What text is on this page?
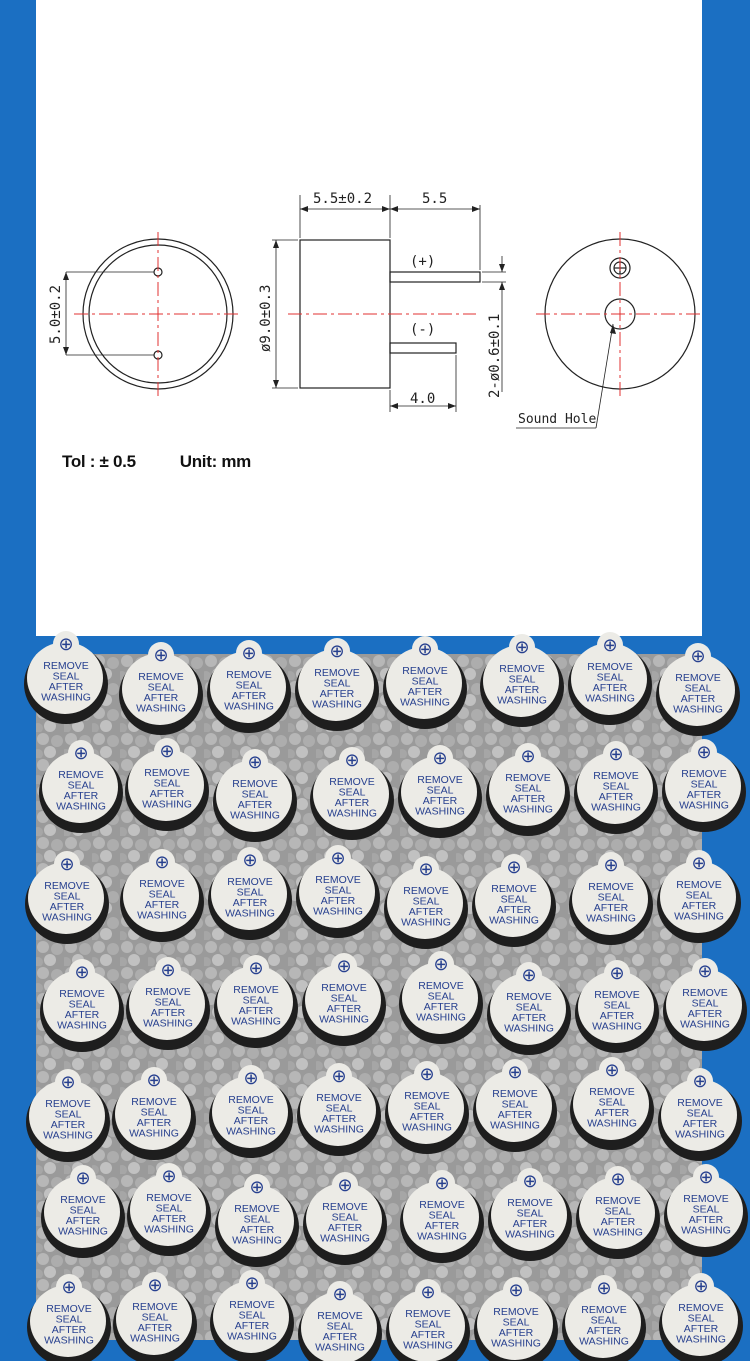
5.0±0.2
5.5±0.2	5.5
ø9.0±0.3	2-ø0.6±0.1
4.0
(+)
(-)
Sound Hole
Tol : ± 0.5	Unit: mm
⊕
REMOVE
SEAL
AFTER
WASHING
⊕
REMOVE
SEAL
AFTER
WASHING
⊕
REMOVE
SEAL
AFTER
WASHING
⊕
REMOVE
SEAL
AFTER
WASHING
⊕
REMOVE
SEAL
AFTER
WASHING
⊕
REMOVE
SEAL
AFTER
WASHING
⊕
REMOVE
SEAL
AFTER
WASHING
⊕
REMOVE
SEAL
AFTER
WASHING
⊕
REMOVE
SEAL
AFTER
WASHING
⊕
REMOVE
SEAL
AFTER
WASHING
⊕
REMOVE
SEAL
AFTER
WASHING
⊕
REMOVE
SEAL
AFTER
WASHING
⊕
REMOVE
SEAL
AFTER
WASHING
⊕
REMOVE
SEAL
AFTER
WASHING
⊕
REMOVE
SEAL
AFTER
WASHING
⊕
REMOVE
SEAL
AFTER
WASHING
⊕
REMOVE
SEAL
AFTER
WASHING
⊕
REMOVE
SEAL
AFTER
WASHING
⊕
REMOVE
SEAL
AFTER
WASHING
⊕
REMOVE
SEAL
AFTER
WASHING
⊕
REMOVE
SEAL
AFTER
WASHING
⊕
REMOVE
SEAL
AFTER
WASHING
⊕
REMOVE
SEAL
AFTER
WASHING
⊕
REMOVE
SEAL
AFTER
WASHING
⊕
REMOVE
SEAL
AFTER
WASHING
⊕
REMOVE
SEAL
AFTER
WASHING
⊕
REMOVE
SEAL
AFTER
WASHING
⊕
REMOVE
SEAL
AFTER
WASHING
⊕
REMOVE
SEAL
AFTER
WASHING
⊕
REMOVE
SEAL
AFTER
WASHING
⊕
REMOVE
SEAL
AFTER
WASHING
⊕
REMOVE
SEAL
AFTER
WASHING
⊕
REMOVE
SEAL
AFTER
WASHING
⊕
REMOVE
SEAL
AFTER
WASHING
⊕
REMOVE
SEAL
AFTER
WASHING
⊕
REMOVE
SEAL
AFTER
WASHING
⊕
REMOVE
SEAL
AFTER
WASHING
⊕
REMOVE
SEAL
AFTER
WASHING
⊕
REMOVE
SEAL
AFTER
WASHING
⊕
REMOVE
SEAL
AFTER
WASHING
⊕
REMOVE
SEAL
AFTER
WASHING
⊕
REMOVE
SEAL
AFTER
WASHING
⊕
REMOVE
SEAL
AFTER
WASHING
⊕
REMOVE
SEAL
AFTER
WASHING
⊕
REMOVE
SEAL
AFTER
WASHING
⊕
REMOVE
SEAL
AFTER
WASHING
⊕
REMOVE
SEAL
AFTER
WASHING
⊕
REMOVE
SEAL
AFTER
WASHING
⊕
REMOVE
SEAL
AFTER
WASHING
⊕
REMOVE
SEAL
AFTER
WASHING
⊕
REMOVE
SEAL
AFTER
WASHING
⊕
REMOVE
SEAL
AFTER
WASHING
⊕
REMOVE
SEAL
AFTER
WASHING
⊕
REMOVE
SEAL
AFTER
WASHING
⊕
REMOVE
SEAL
AFTER
WASHING
⊕
REMOVE
SEAL
AFTER
WASHING
